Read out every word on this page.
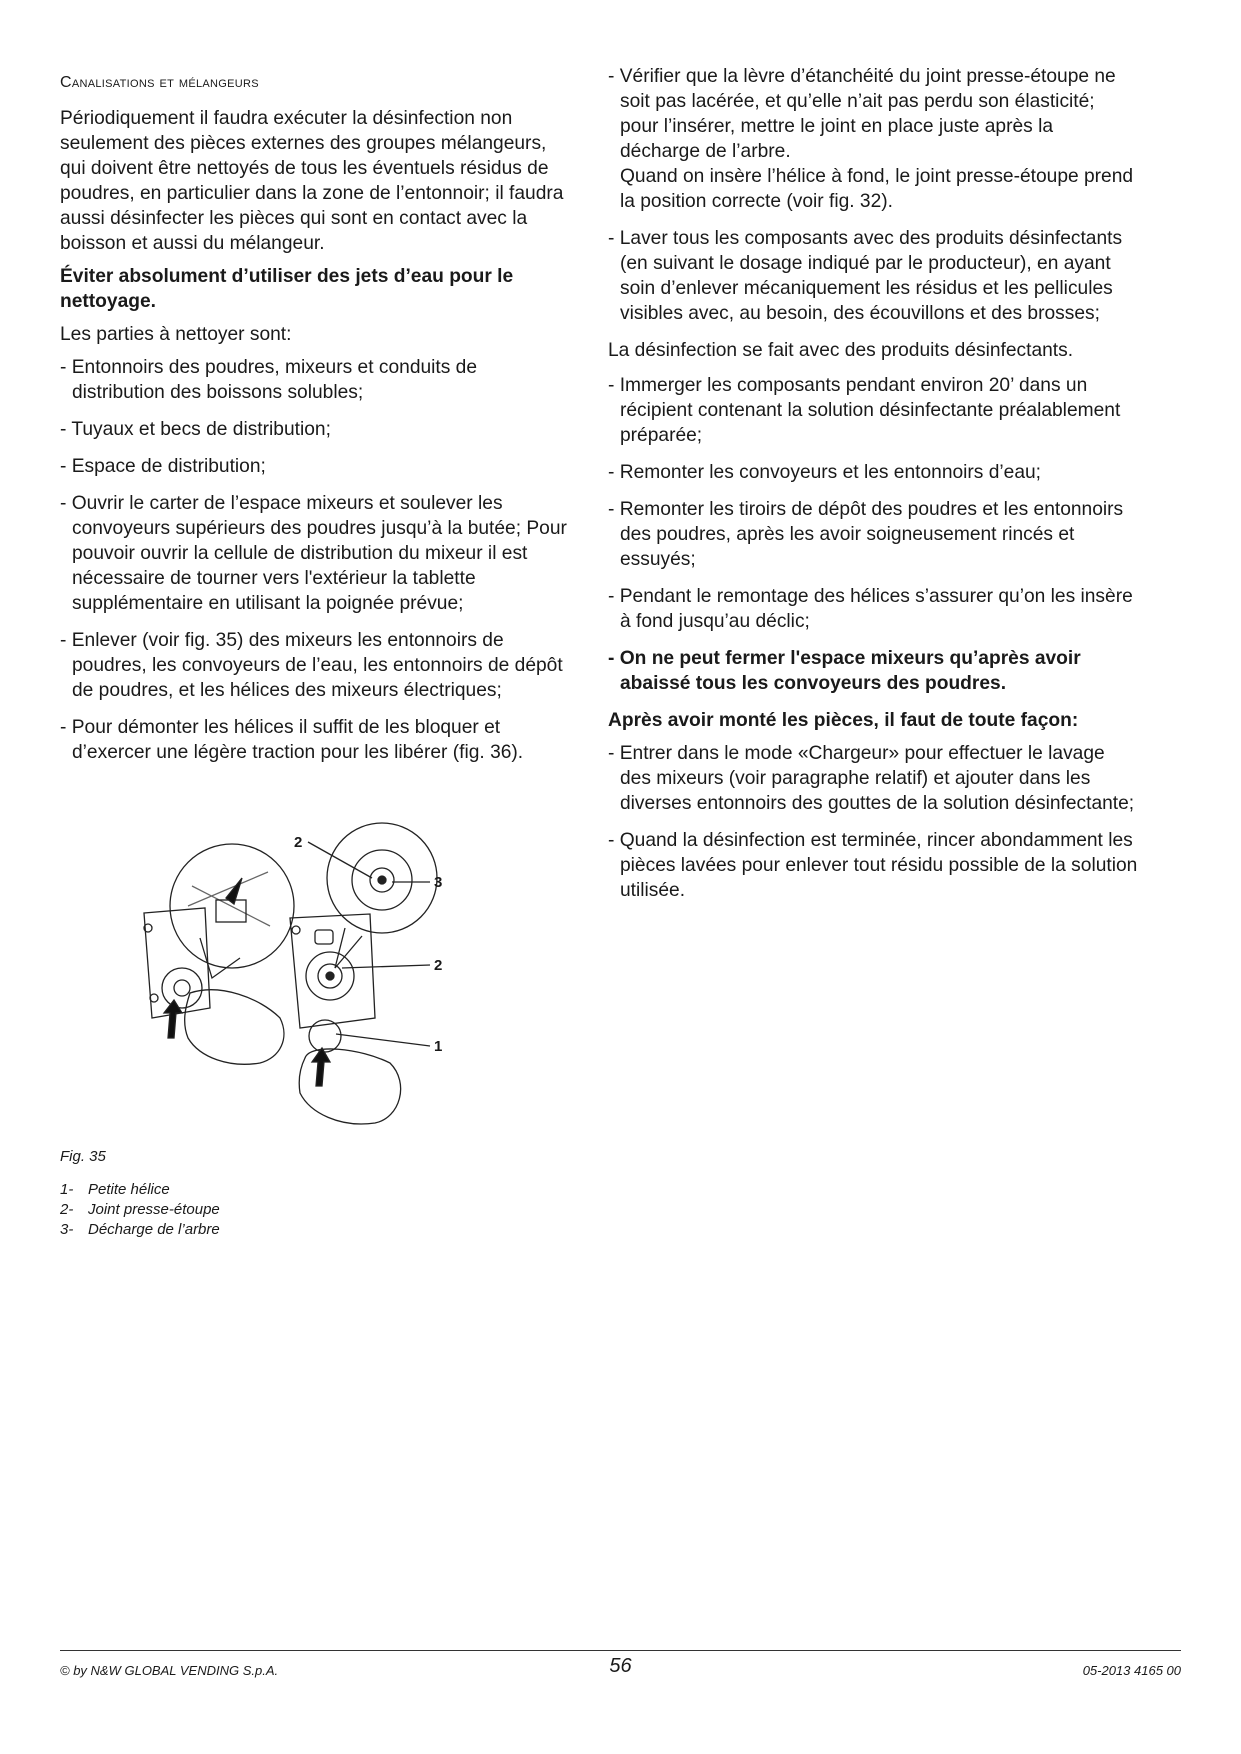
Canalisations et mélangeurs

Périodiquement il faudra exécuter la désinfection non seulement des pièces externes des groupes mélangeurs, qui doivent être nettoyés de tous les éventuels résidus de poudres, en particulier dans la zone de l’entonnoir; il faudra aussi désinfecter les pièces qui sont en contact avec la boisson et aussi du mélangeur.

Éviter absolument d’utiliser des jets d’eau pour le nettoyage.

Les parties à nettoyer sont:

- Entonnoirs des poudres, mixeurs et conduits de distribution des boissons solubles;
- Tuyaux et becs de distribution;
- Espace de distribution;
- Ouvrir le carter de l’espace mixeurs et soulever les convoyeurs supérieurs des poudres jusqu’à la butée; Pour pouvoir ouvrir la cellule de distribution du mixeur il est nécessaire de tourner vers l'extérieur la tablette supplémentaire en utilisant la poignée prévue;
- Enlever (voir fig. 35) des mixeurs les entonnoirs de poudres, les convoyeurs de l’eau, les entonnoirs de dépôt de poudres, et les hélices des mixeurs électriques;
- Pour démonter les hélices il suffit de les bloquer et d’exercer une légère traction pour les libérer (fig. 36).
2
3
2
1
Fig. 35
1- Petite hélice
2- Joint presse-étoupe
3- Décharge de l’arbre
- Vérifier que la lèvre d’étanchéité du joint presse-étoupe ne soit pas lacérée, et qu’elle n’ait pas perdu son élasticité; pour l’insérer, mettre le joint en place juste après la décharge de l’arbre.
Quand on insère l’hélice à fond, le joint presse-étoupe prend la position correcte (voir fig. 32).
- Laver tous les composants avec des produits désinfectants (en suivant le dosage indiqué par le producteur), en ayant soin d’enlever mécaniquement les résidus et les pellicules visibles avec, au besoin, des écouvillons et des brosses;

La désinfection se fait avec des produits désinfectants.

- Immerger les composants pendant environ 20’ dans un récipient contenant la solution désinfectante préalablement préparée;
- Remonter les convoyeurs et les entonnoirs d’eau;
- Remonter les tiroirs de dépôt des poudres et les entonnoirs des poudres, après les avoir soigneusement rincés et essuyés;
- Pendant le remontage des hélices s’assurer qu’on les insère à fond jusqu’au déclic;
- On ne peut fermer l'espace mixeurs qu’après avoir abaissé tous les convoyeurs des poudres.

Après avoir monté les pièces, il faut de toute façon:

- Entrer dans le mode «Chargeur» pour effectuer le lavage des mixeurs (voir paragraphe relatif) et ajouter dans les diverses entonnoirs des gouttes de la solution désinfectante;
- Quand la désinfection est terminée, rincer abondamment les pièces lavées pour enlever tout résidu possible de la solution utilisée.
© by N&W GLOBAL VENDING S.p.A.	56	05-2013 4165 00
